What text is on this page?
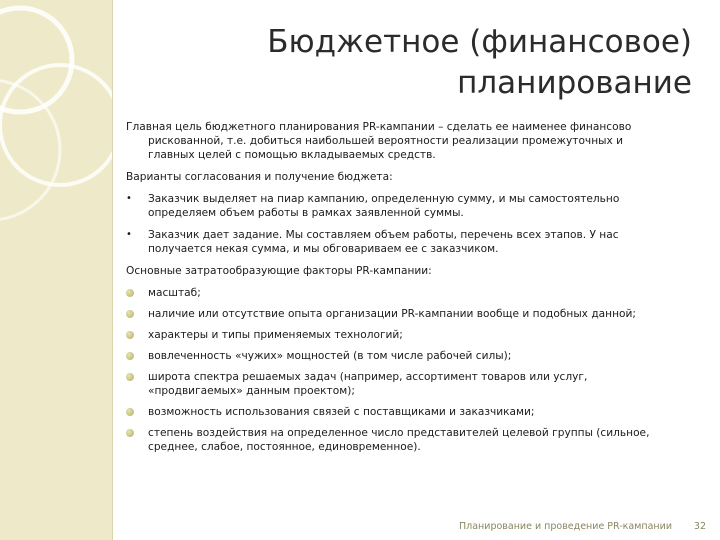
Бюджетное (финансовое)
планирование
Главная цель бюджетного планирования PR-кампании – сделать ее наименее финансово
рискованной, т.е. добиться наибольшей вероятности реализации промежуточных и
главных целей с помощью вкладываемых средств.
Варианты согласования и получение бюджета:
• Заказчик выделяет на пиар кампанию, определенную сумму, и мы самостоятельно
определяем объем работы в рамках заявленной суммы.
• Заказчик дает задание. Мы составляем объем работы, перечень всех этапов. У нас
получается некая сумма, и мы обговариваем ее с заказчиком.
Основные затратообразующие факторы PR-кампании:
масштаб;
наличие или отсутствие опыта организации PR-кампании вообще и подобных данной;
характеры и типы применяемых технологий;
вовлеченность «чужих» мощностей (в том числе рабочей силы);
широта спектра решаемых задач (например, ассортимент товаров или услуг,
«продвигаемых» данным проектом);
возможность использования связей с поставщиками и заказчиками;
степень воздействия на определенное число представителей целевой группы (сильное,
среднее, слабое, постоянное, единовременное).
Планирование и проведение PR-кампании 32
